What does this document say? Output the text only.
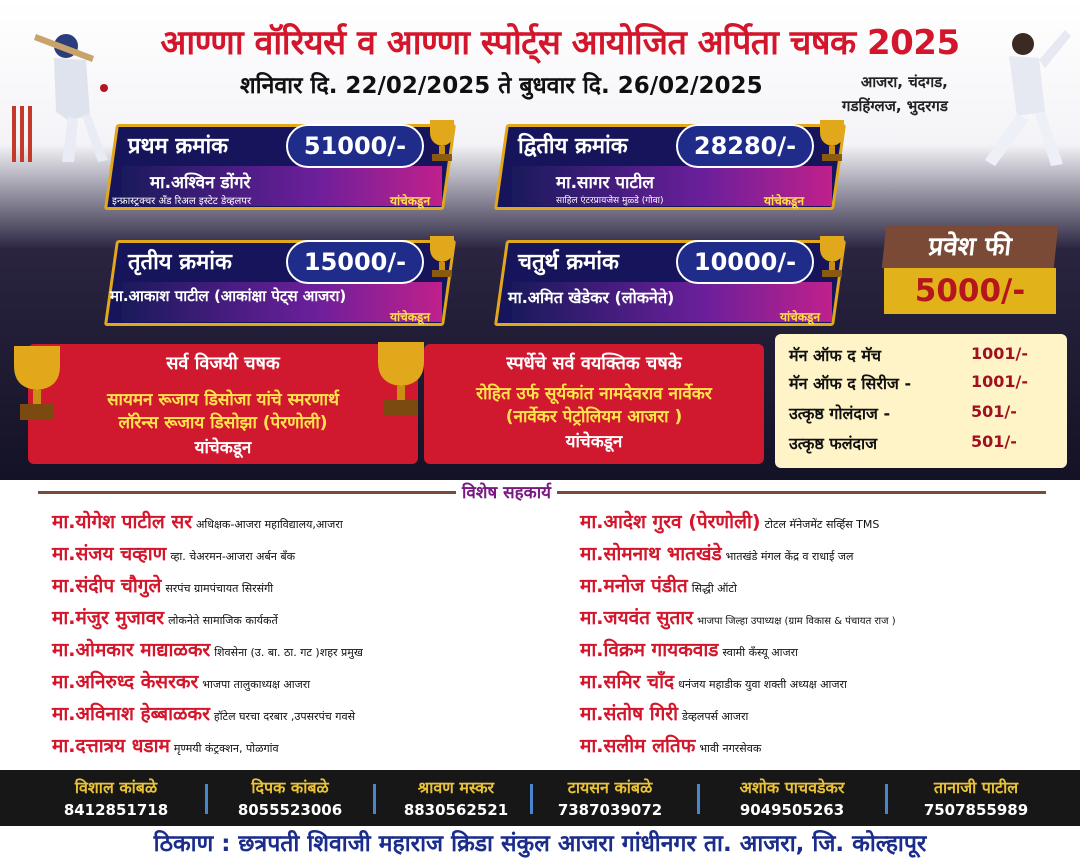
आण्णा वॉरियर्स व आण्णा स्पोर्ट्स आयोजित अर्पिता चषक 2025
शनिवार दि. 22/02/2025 ते बुधवार दि. 26/02/2025	आजरा, चंदगड,
गडहिंग्लज, भुदरगड
प्रथम क्रमांक	51000/-
मा.अश्विन डोंगरे
इन्फ्रास्ट्रक्चर अँड रिअल इस्टेट डेव्हलपर	यांचेकडून
द्वितीय क्रमांक	28280/-
मा.सागर पाटील
साहिल एंटरप्रायजेस मुळ्डे (गोवा)	यांचेकडून
तृतीय क्रमांक	15000/-
मा.आकाश पाटील (आकांक्षा पेट्स आजरा)
यांचेकडून
चतुर्थ क्रमांक	10000/-
मा.अमित खेडेकर (लोकनेते)
यांचेकडून
प्रवेश फी
5000/-
सर्व विजयी चषक
सायमन रूजाय डिसोजा यांचे स्मरणार्थ
लॉरेन्स रूजाय डिसोझा (पेरणोली)
यांचेकडून
स्पर्धेचे सर्व वयक्तिक चषके
रोहित उर्फ सूर्यकांत नामदेवराव नार्वेकर
(नार्वेकर पेट्रोलियम आजरा )
यांचेकडून
मॅन ऑफ द मॅच	1001/-
मॅन ऑफ द सिरीज -	1001/-
उत्कृष्ठ गोलंदाज -	501/-
उत्कृष्ठ फलंदाज	501/-
विशेष सहकार्य
मा.योगेश पाटील सर अधिक्षक-आजरा महाविद्यालय,आजरा
मा.संजय चव्हाण व्हा. चेअरमन-आजरा अर्बन बँक
मा.संदीप चौगुले सरपंच ग्रामपंचायत सिरसंगी
मा.मंजुर मुजावर लोकनेते सामाजिक कार्यकर्ते
मा.ओमकार माद्याळकर शिवसेना (उ. बा. ठा. गट )शहर प्रमुख
मा.अनिरुध्द केसरकर भाजपा तालुकाध्यक्ष आजरा
मा.अविनाश हेब्बाळकर हॉटेल घरचा दरबार ,उपसरपंच गवसे
मा.दत्तात्रय धडाम मृण्मयी कंट्रक्शन, पोळगांव
मा.आदेश गुरव (पेरणोली) टोटल मॅनेजमेंट सर्व्हिस TMS
मा.सोमनाथ भातखंडे भातखंडे मंगल केंद्र व राधाई जल
मा.मनोज पंडीत सिद्धी ऑटो
मा.जयवंत सुतार भाजपा जिल्हा उपाध्यक्ष (ग्राम विकास & पंचायत राज )
मा.विक्रम गायकवाड स्वामी कँस्यू आजरा
मा.समिर चाँद धनंजय महाडीक युवा शक्ती अध्यक्ष आजरा
मा.संतोष गिरी डेव्हलपर्स आजरा
मा.सलीम लतिफ भावी नगरसेवक
विशाल कांबळे
8412851718
दिपक कांबळे
8055523006
श्रावण मस्कर
8830562521
टायसन कांबळे
7387039072
अशोक पाचवडेकर
9049505263
तानाजी पाटील
7507855989
ठिकाण : छत्रपती शिवाजी महाराज क्रिडा संकुल आजरा गांधीनगर ता. आजरा, जि. कोल्हापूर
